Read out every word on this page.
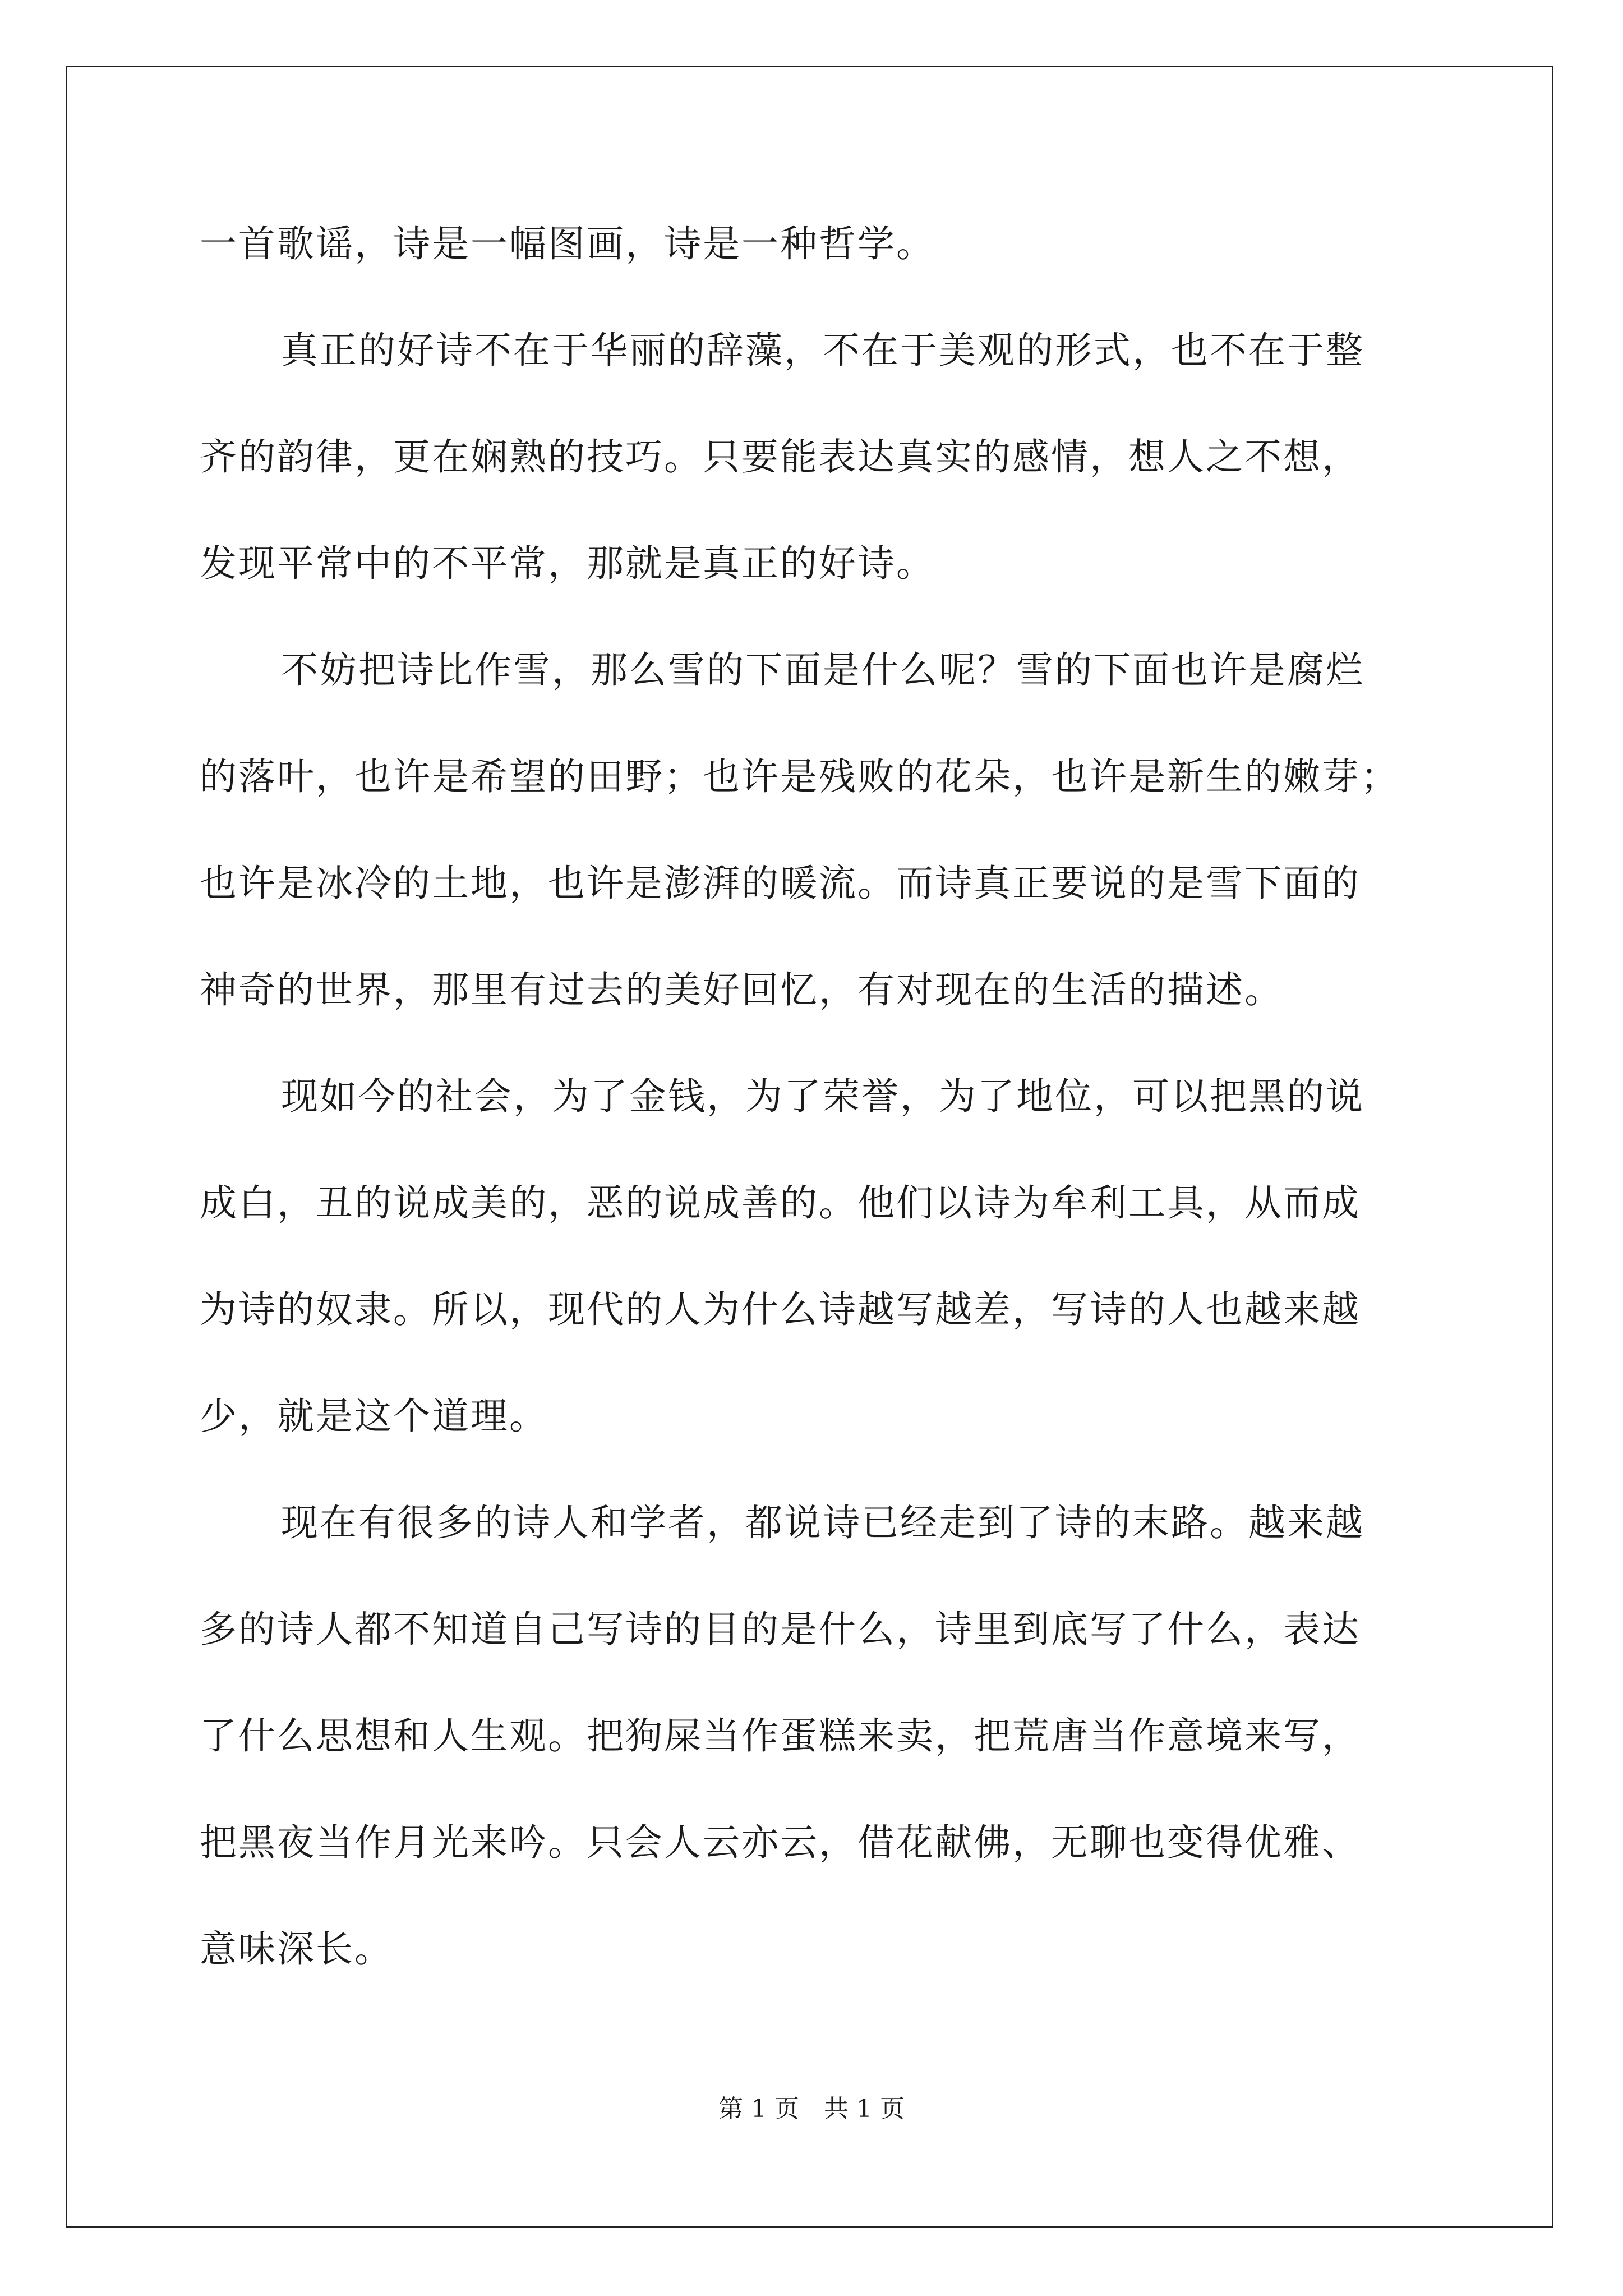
一首歌谣，诗是一幅图画，诗是一种哲学。
真正的好诗不在于华丽的辞藻，不在于美观的形式，也不在于整
齐的韵律，更在娴熟的技巧。只要能表达真实的感情，想人之不想，
发现平常中的不平常，那就是真正的好诗。
不妨把诗比作雪，那么雪的下面是什么呢？雪的下面也许是腐烂
的落叶，也许是希望的田野；也许是残败的花朵，也许是新生的嫩芽；
也许是冰冷的土地，也许是澎湃的暖流。而诗真正要说的是雪下面的
神奇的世界，那里有过去的美好回忆，有对现在的生活的描述。
现如今的社会，为了金钱，为了荣誉，为了地位，可以把黑的说
成白，丑的说成美的，恶的说成善的。他们以诗为牟利工具，从而成
为诗的奴隶。所以，现代的人为什么诗越写越差，写诗的人也越来越
少，就是这个道理。
现在有很多的诗人和学者，都说诗已经走到了诗的末路。越来越
多的诗人都不知道自己写诗的目的是什么，诗里到底写了什么，表达
了什么思想和人生观。把狗屎当作蛋糕来卖，把荒唐当作意境来写，
把黑夜当作月光来吟。只会人云亦云，借花献佛，无聊也变得优雅、
意味深长。
第 1 页 共 1 页
